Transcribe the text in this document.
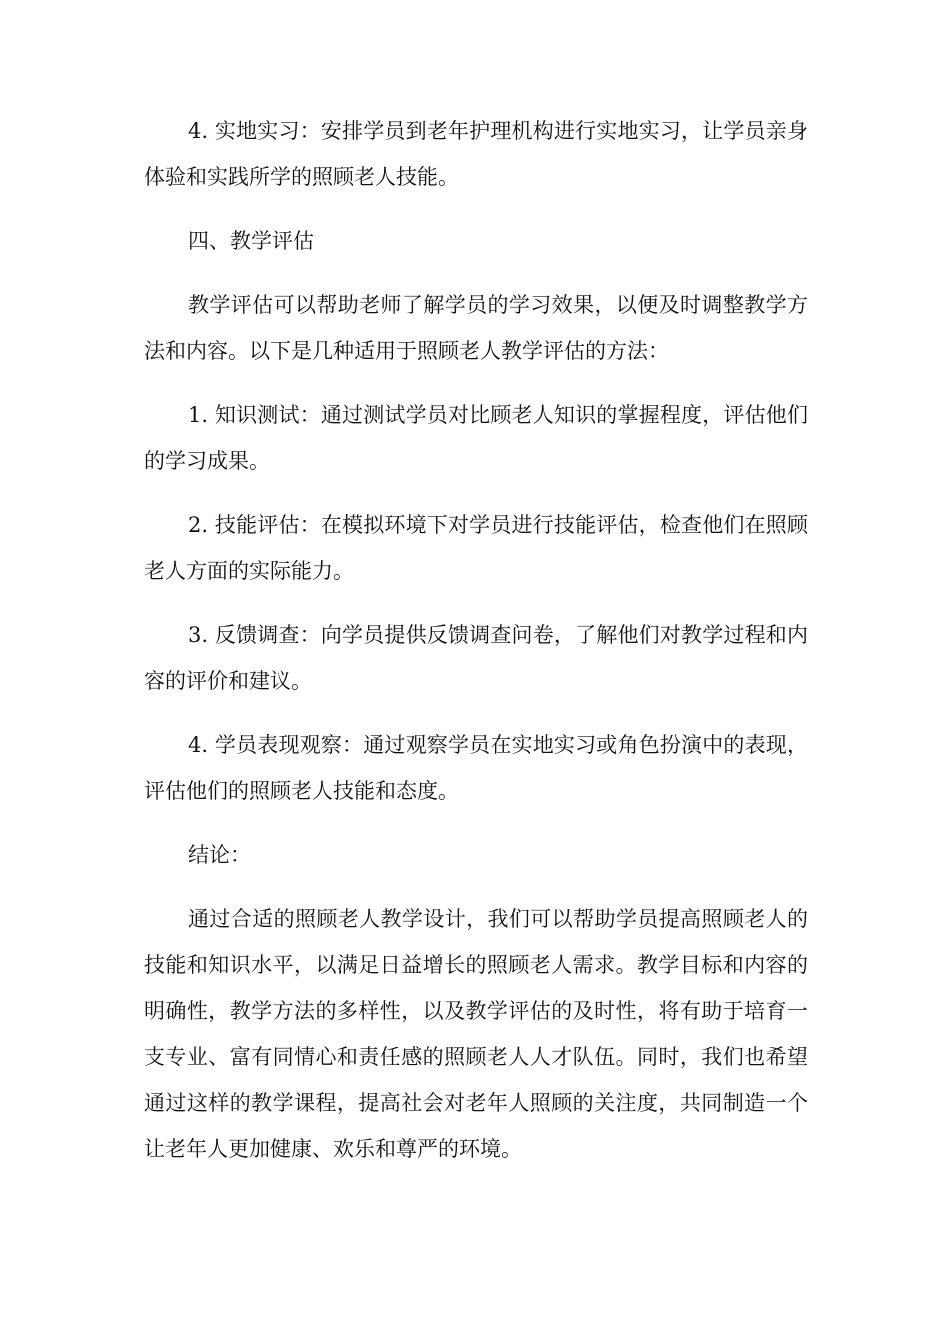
4. 实地实习：安排学员到老年护理机构进行实地实习，让学员亲身体验和实践所学的照顾老人技能。

四、教学评估

教学评估可以帮助老师了解学员的学习效果，以便及时调整教学方法和内容。以下是几种适用于照顾老人教学评估的方法：

1. 知识测试：通过测试学员对比顾老人知识的掌握程度，评估他们的学习成果。

2. 技能评估：在模拟环境下对学员进行技能评估，检查他们在照顾老人方面的实际能力。

3. 反馈调查：向学员提供反馈调查问卷，了解他们对教学过程和内容的评价和建议。

4. 学员表现观察：通过观察学员在实地实习或角色扮演中的表现，评估他们的照顾老人技能和态度。

结论：

通过合适的照顾老人教学设计，我们可以帮助学员提高照顾老人的技能和知识水平，以满足日益增长的照顾老人需求。教学目标和内容的明确性，教学方法的多样性，以及教学评估的及时性，将有助于培育一支专业、富有同情心和责任感的照顾老人人才队伍。同时，我们也希望通过这样的教学课程，提高社会对老年人照顾的关注度，共同制造一个让老年人更加健康、欢乐和尊严的环境。
